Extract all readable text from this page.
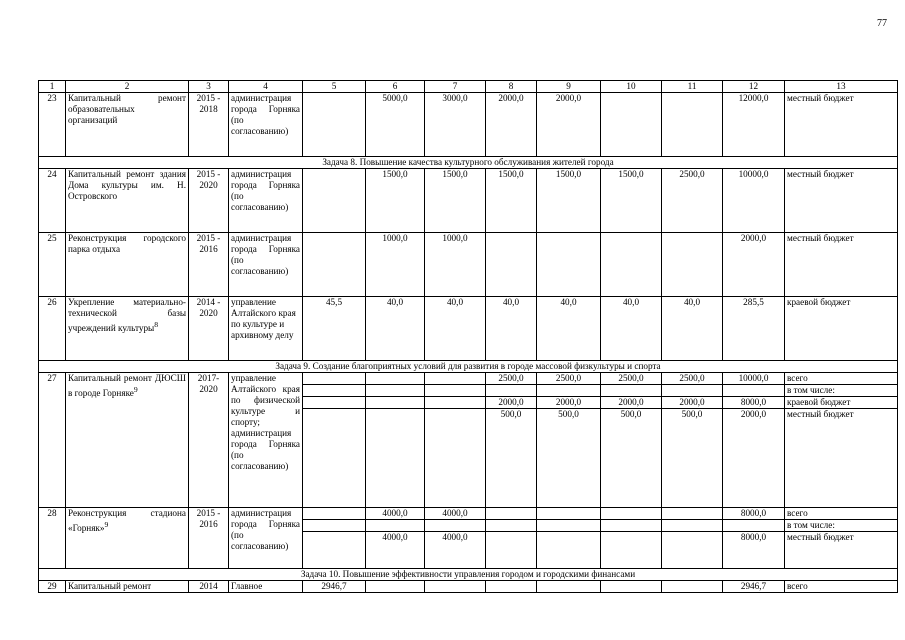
77
1	2	3	4	5	6	7	8	9	10	11	12	13
23	Капитальный ремонт образовательных организаций	2015 - 2018	администрация города Горняка (по согласованию)		5000,0	3000,0	2000,0	2000,0			12000,0	местный бюджет
Задача 8. Повышение качества культурного обслуживания жителей города												
24	Капитальный ремонт здания Дома культуры им. Н. Островского	2015 - 2020	администрация города Горняка (по согласованию)		1500,0	1500,0	1500,0	1500,0	1500,0	2500,0	10000,0	местный бюджет
25	Реконструкция городского парка отдыха	2015 - 2016	администрация города Горняка (по согласованию)		1000,0	1000,0					2000,0	местный бюджет
26	Укрепление материально-технической базы учреждений культуры$^8$	2014 - 2020	управление Алтайского края по культуре и архивному делу	45,5	40,0	40,0	40,0	40,0	40,0	40,0	285,5	краевой бюджет
Задача 9. Создание благоприятных условий для развития в городе массовой физкультуры и спорта												
27	Капитальный ремонт ДЮСШ в городе Горняке$^9$	2017- 2020	управление Алтайского края по физической культуре и спорту; администрация города Горняка (по согласованию)				2500,0	2500,0	2500,0	2500,0	10000,0	всего
												в том числе:
							2000,0	2000,0	2000,0	2000,0	8000,0	краевой бюджет
							500,0	500,0	500,0	500,0	2000,0	местный бюджет
28	Реконструкция стадиона «Горняк»$^9$	2015 - 2016	администрация города Горняка (по согласованию)		4000,0	4000,0					8000,0	всего
												в том числе:
					4000,0	4000,0					8000,0	местный бюджет
Задача 10. Повышение эффективности управления городом и городскими финансами												
29	Капитальный ремонт	2014	Главное	2946,7							2946,7	всего
